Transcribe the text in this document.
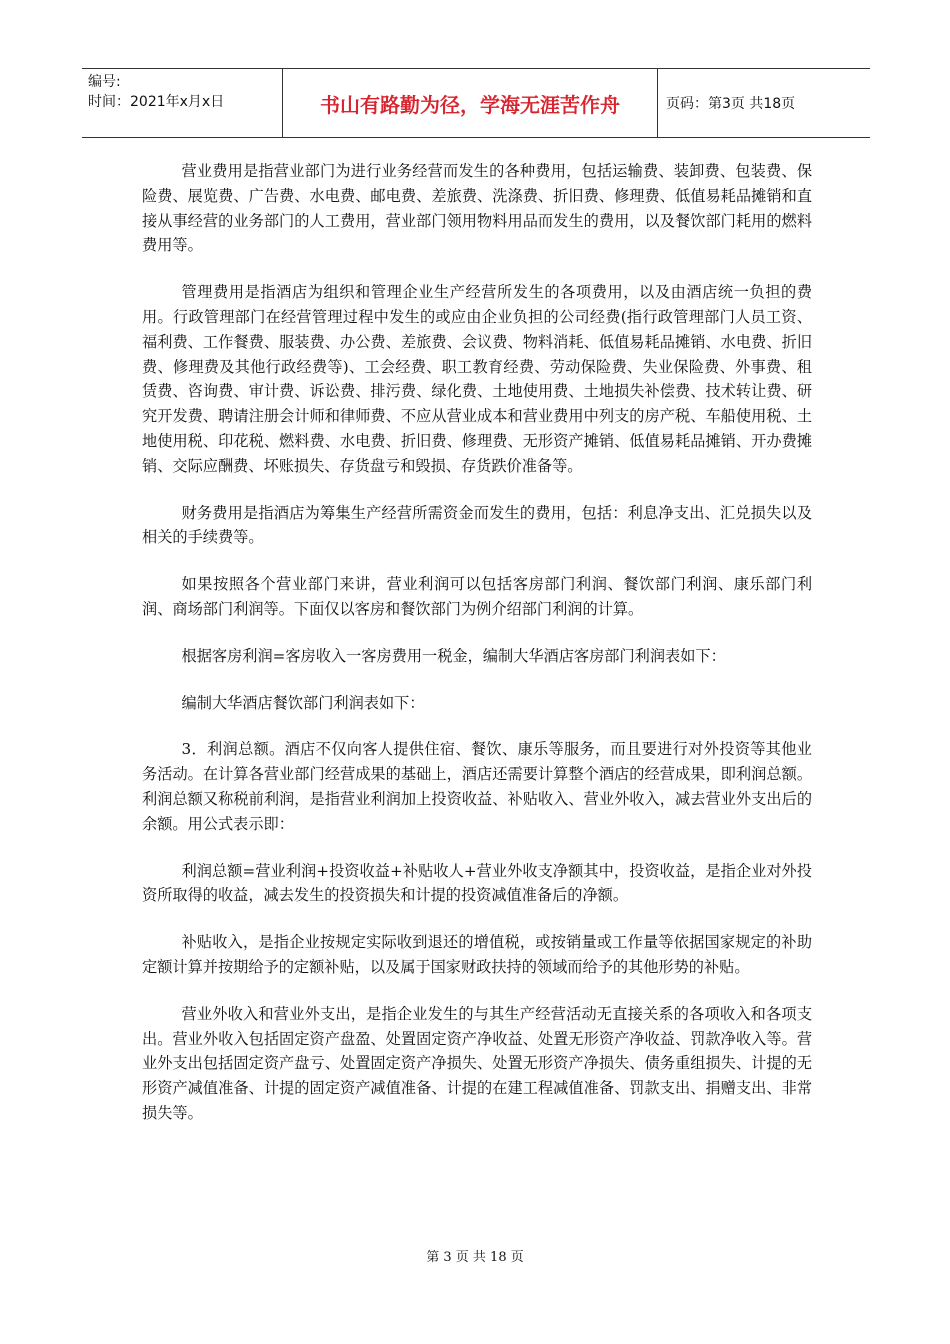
编号:
时间：2021年x月x日	书山有路勤为径，学海无涯苦作舟	页码：第3页 共18页

营业费用是指营业部门为进行业务经营而发生的各种费用，包括运输费、装卸费、包装费、保险费、展览费、广告费、水电费、邮电费、差旅费、洗涤费、折旧费、修理费、低值易耗品摊销和直接从事经营的业务部门的人工费用，营业部门领用物料用品而发生的费用，以及餐饮部门耗用的燃料费用等。

管理费用是指酒店为组织和管理企业生产经营所发生的各项费用，以及由酒店统一负担的费用。行政管理部门在经营管理过程中发生的或应由企业负担的公司经费(指行政管理部门人员工资、福利费、工作餐费、服装费、办公费、差旅费、会议费、物料消耗、低值易耗品摊销、水电费、折旧费、修理费及其他行政经费等)、工会经费、职工教育经费、劳动保险费、失业保险费、外事费、租赁费、咨询费、审计费、诉讼费、排污费、绿化费、土地使用费、土地损失补偿费、技术转让费、研究开发费、聘请注册会计师和律师费、不应从营业成本和营业费用中列支的房产税、车船使用税、土地使用税、印花税、燃料费、水电费、折旧费、修理费、无形资产摊销、低值易耗品摊销、开办费摊销、交际应酬费、坏账损失、存货盘亏和毁损、存货跌价准备等。

财务费用是指酒店为筹集生产经营所需资金而发生的费用，包括：利息净支出、汇兑损失以及相关的手续费等。

如果按照各个营业部门来讲，营业利润可以包括客房部门利润、餐饮部门利润、康乐部门利润、商场部门利润等。下面仅以客房和餐饮部门为例介绍部门利润的计算。

根据客房利润=客房收入一客房费用一税金，编制大华酒店客房部门利润表如下：

编制大华酒店餐饮部门利润表如下：

3．利润总额。酒店不仅向客人提供住宿、餐饮、康乐等服务，而且要进行对外投资等其他业务活动。在计算各营业部门经营成果的基础上，酒店还需要计算整个酒店的经营成果，即利润总额。利润总额又称税前利润，是指营业利润加上投资收益、补贴收入、营业外收入，减去营业外支出后的余额。用公式表示即：

利润总额=营业利润+投资收益+补贴收人+营业外收支净额其中，投资收益，是指企业对外投资所取得的收益，减去发生的投资损失和计提的投资减值准备后的净额。

补贴收入，是指企业按规定实际收到退还的增值税，或按销量或工作量等依据国家规定的补助定额计算并按期给予的定额补贴，以及属于国家财政扶持的领域而给予的其他形势的补贴。

营业外收入和营业外支出，是指企业发生的与其生产经营活动无直接关系的各项收入和各项支出。营业外收入包括固定资产盘盈、处置固定资产净收益、处置无形资产净收益、罚款净收入等。营业外支出包括固定资产盘亏、处置固定资产净损失、处置无形资产净损失、债务重组损失、计提的无形资产减值准备、计提的固定资产减值准备、计提的在建工程减值准备、罚款支出、捐赠支出、非常损失等。

第 3 页 共 18 页
